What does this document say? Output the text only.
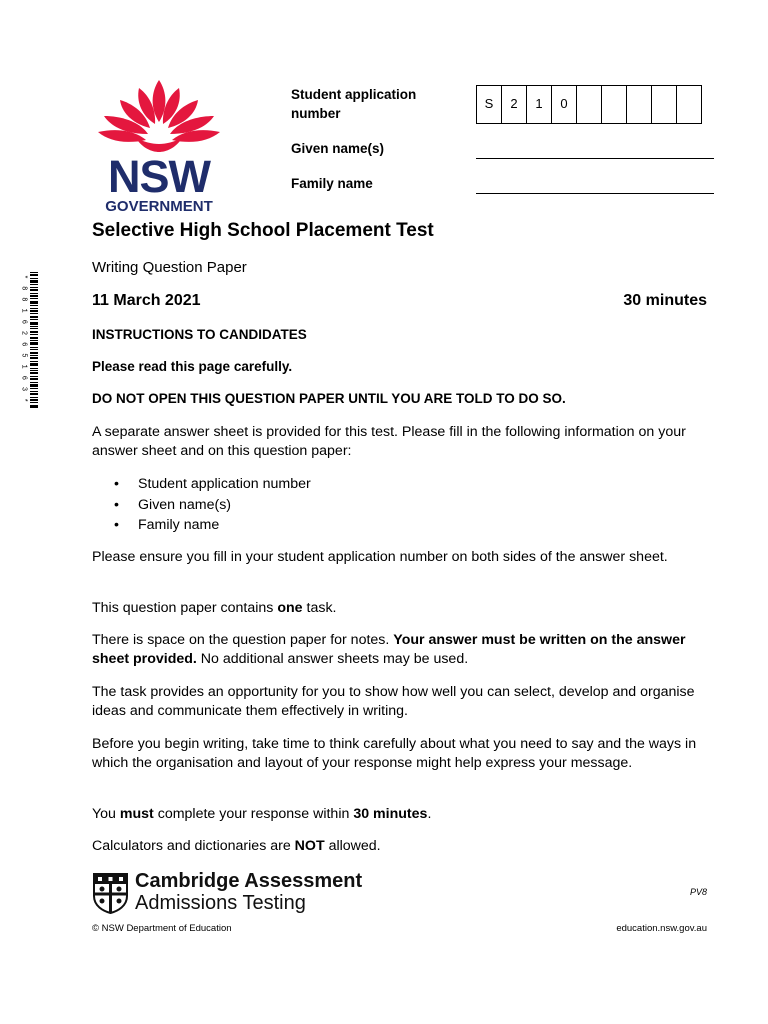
NSW
GOVERNMENT
Student application number
S	2	1	0
Given name(s)
Family name
*
8
8
1
6
2
6
5
1
6
3
*
Selective High School Placement Test
Writing Question Paper
11 March 2021	30 minutes
INSTRUCTIONS TO CANDIDATES
Please read this page carefully.
DO NOT OPEN THIS QUESTION PAPER UNTIL YOU ARE TOLD TO DO SO.
A separate answer sheet is provided for this test. Please fill in the following information on your answer sheet and on this question paper:
• Student application number
• Given name(s)
• Family name
Please ensure you fill in your student application number on both sides of the answer sheet.
This question paper contains one task.
There is space on the question paper for notes. Your answer must be written on the answer sheet provided. No additional answer sheets may be used.
The task provides an opportunity for you to show how well you can select, develop and organise ideas and communicate them effectively in writing.
Before you begin writing, take time to think carefully about what you need to say and the ways in which the organisation and layout of your response might help express your message.
You must complete your response within 30 minutes.
Calculators and dictionaries are NOT allowed.
Cambridge Assessment
Admissions Testing	PV8
© NSW Department of Education	education.nsw.gov.au
